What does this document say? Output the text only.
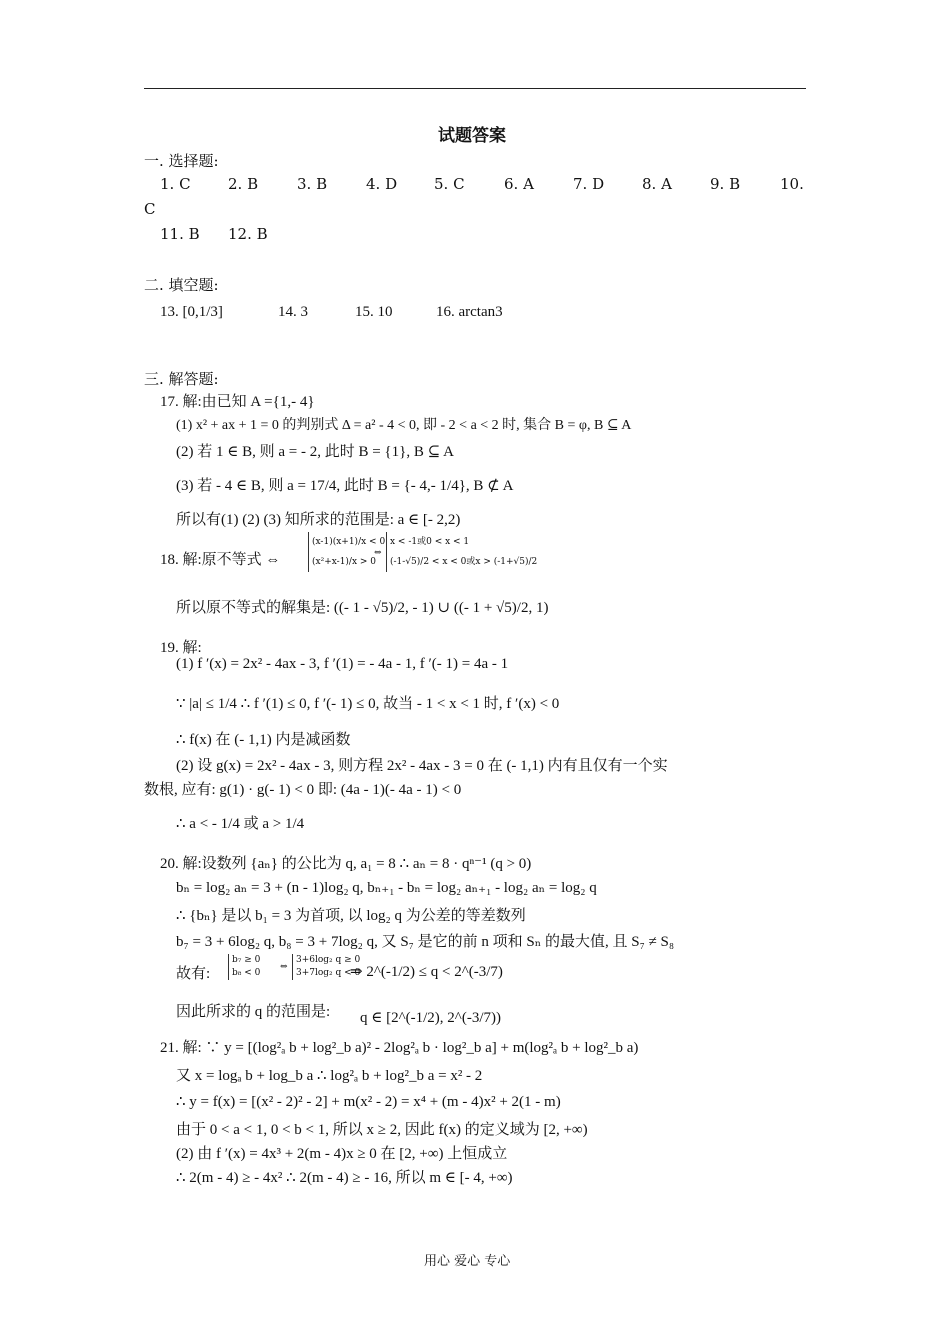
试题答案
一. 选择题:
1. C 2. B	3. B	4. D 5. C	6. A	7. D	8. A	9. B	10.
C
11. B 12. B
二. 填空题:
13. [0,1/3]	14. 3	15. 10	16. arctan3
三. 解答题:
17. 解:由已知 A ={1,- 4}
(1) x² + ax + 1 = 0 的判别式 Δ = a² - 4 < 0, 即 - 2 < a < 2 时, 集合 B = φ, B ⊆ A
(2) 若 1 ∈ B, 则 a = - 2, 此时 B = {1}, B ⊆ A
(3) 若 - 4 ∈ B, 则 a = 17/4, 此时 B = {- 4,- 1/4}, B ⊄ A
所以有(1) (2) (3) 知所求的范围是: a ∈ [- 2,2)
18. 解:原不等式 ⇔
(x-1)(x+1)/x < 0
(x²+x-1)/x > 0
⇔
x < -1或0 < x < 1
(-1-√5)/2 < x < 0或x > (-1+√5)/2
所以原不等式的解集是: ((- 1 - √5)/2, - 1) ∪ ((- 1 + √5)/2, 1)
19. 解:
(1) f ′(x) = 2x² - 4ax - 3, f ′(1) = - 4a - 1, f ′(- 1) = 4a - 1
∵ |a| ≤ 1/4 ∴ f ′(1) ≤ 0, f ′(- 1) ≤ 0, 故当 - 1 < x < 1 时, f ′(x) < 0
∴ f(x) 在 (- 1,1) 内是减函数
(2) 设 g(x) = 2x² - 4ax - 3, 则方程 2x² - 4ax - 3 = 0 在 (- 1,1) 内有且仅有一个实
数根, 应有: g(1) · g(- 1) < 0 即: (4a - 1)(- 4a - 1) < 0
∴ a < - 1/4 或 a > 1/4
20. 解:设数列 {aₙ} 的公比为 q, a₁ = 8 ∴ aₙ = 8 · qⁿ⁻¹ (q > 0)
bₙ = log₂ aₙ = 3 + (n - 1)log₂ q, bₙ₊₁ - bₙ = log₂ aₙ₊₁ - log₂ aₙ = log₂ q
∴ {bₙ} 是以 b₁ = 3 为首项, 以 log₂ q 为公差的等差数列
b₇ = 3 + 6log₂ q, b₈ = 3 + 7log₂ q, 又 S₇ 是它的前 n 项和 Sₙ 的最大值, 且 S₇ ≠ S₈
故有:
b₇ ≥ 0
b₈ < 0
⇔
3+6log₂ q ≥ 0
3+7log₂ q < 0
⇒ 2^(-1/2) ≤ q < 2^(-3/7)
因此所求的 q 的范围是: q ∈ [2^(-1/2), 2^(-3/7))
21. 解: ∵ y = [(log²ₐ b + log²_b a)² - 2log²ₐ b · log²_b a] + m(log²ₐ b + log²_b a)
又 x = logₐ b + log_b a ∴ log²ₐ b + log²_b a = x² - 2
∴ y = f(x) = [(x² - 2)² - 2] + m(x² - 2) = x⁴ + (m - 4)x² + 2(1 - m)
由于 0 < a < 1, 0 < b < 1, 所以 x ≥ 2, 因此 f(x) 的定义域为 [2, +∞)
(2) 由 f ′(x) = 4x³ + 2(m - 4)x ≥ 0 在 [2, +∞) 上恒成立
∴ 2(m - 4) ≥ - 4x² ∴ 2(m - 4) ≥ - 16, 所以 m ∈ [- 4, +∞)
用心 爱心 专心
